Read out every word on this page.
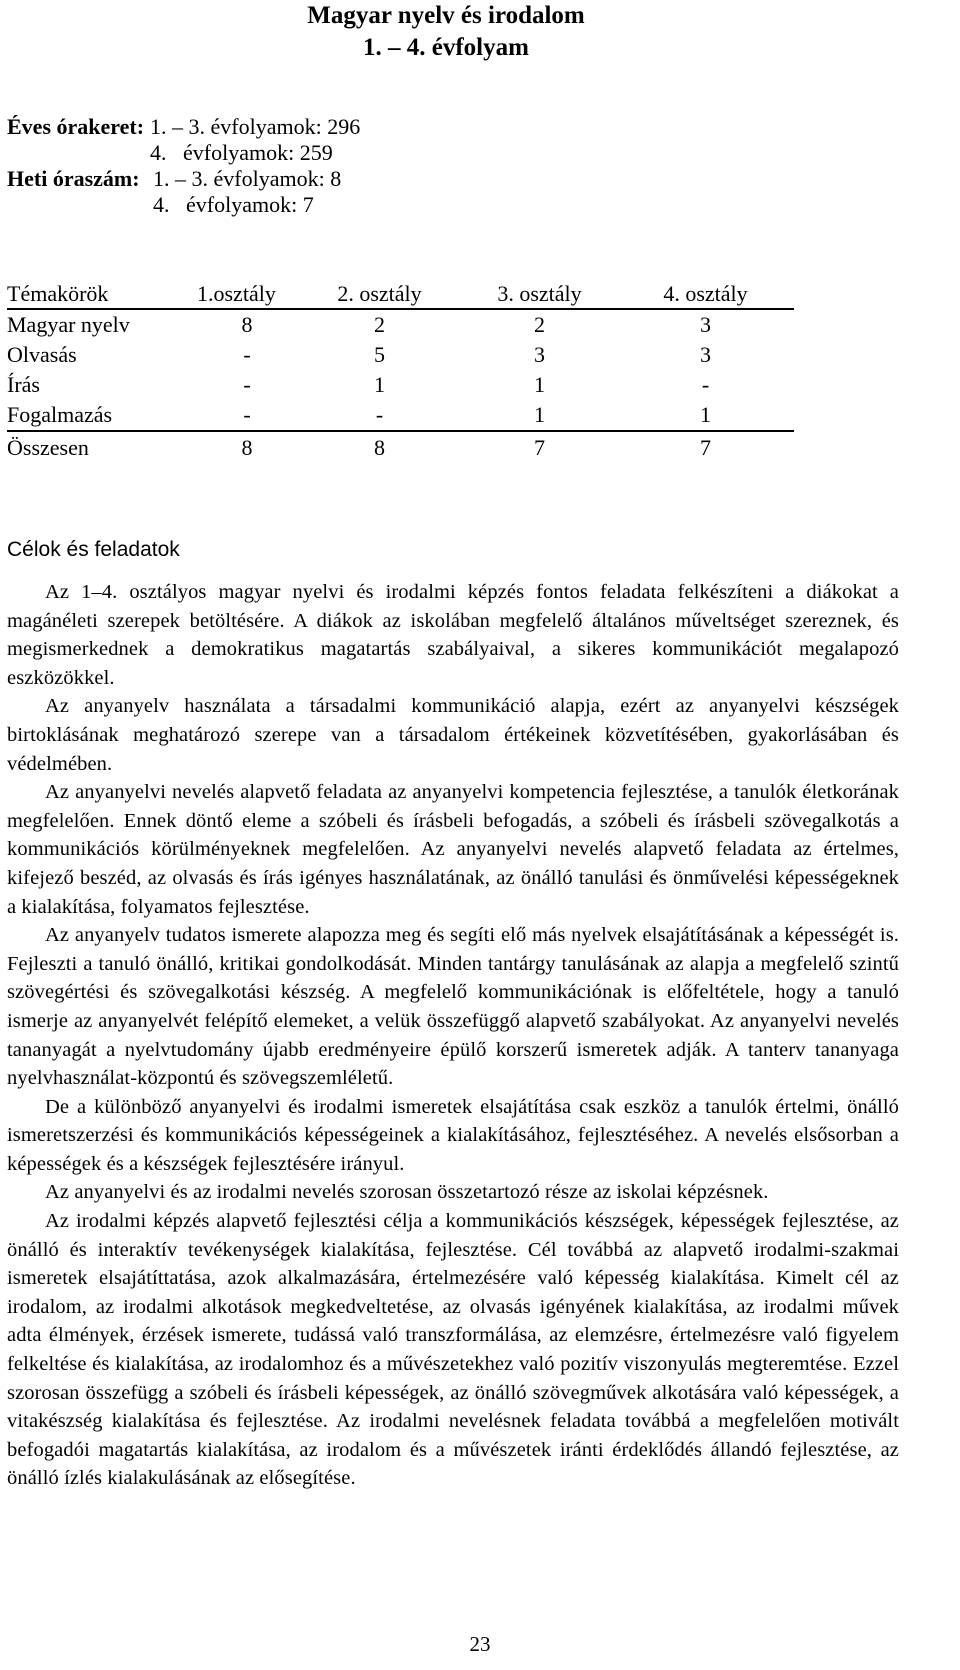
Magyar nyelv és irodalom
1. – 4. évfolyam
Éves órakeret: 1. – 3. évfolyamok: 296
4.   évfolyamok: 259
Heti óraszám: 1. – 3. évfolyamok: 8
4.   évfolyamok: 7
Témakörök	1.osztály	2. osztály	3. osztály	4. osztály
Magyar nyelv	8	2	2	3
Olvasás	-	5	3	3
Írás	-	1	1	-
Fogalmazás	-	-	1	1
Összesen	8	8	7	7
Célok és feladatok

Az 1–4. osztályos magyar nyelvi és irodalmi képzés fontos feladata felkészíteni a diákokat a magánéleti szerepek betöltésére. A diákok az iskolában megfelelő általános műveltséget szereznek, és megismerkednek a demokratikus magatartás szabályaival, a sikeres kommunikációt megalapozó eszközökkel.

Az anyanyelv használata a társadalmi kommunikáció alapja, ezért az anyanyelvi készségek birtoklásának meghatározó szerepe van a társadalom értékeinek közvetítésében, gyakorlásában és védelmében.

Az anyanyelvi nevelés alapvető feladata az anyanyelvi kompetencia fejlesztése, a tanulók életkorának megfelelően. Ennek döntő eleme a szóbeli és írásbeli befogadás, a szóbeli és írásbeli szövegalkotás a kommunikációs körülményeknek megfelelően. Az anyanyelvi nevelés alapvető feladata az értelmes, kifejező beszéd, az olvasás és írás igényes használatának, az önálló tanulási és önművelési képességeknek a kialakítása, folyamatos fejlesztése.

Az anyanyelv tudatos ismerete alapozza meg és segíti elő más nyelvek elsajátításának a képességét is. Fejleszti a tanuló önálló, kritikai gondolkodását. Minden tantárgy tanulásának az alapja a megfelelő szintű szövegértési és szövegalkotási készség. A megfelelő kommunikációnak is előfeltétele, hogy a tanuló ismerje az anyanyelvét felépítő elemeket, a velük összefüggő alapvető szabályokat. Az anyanyelvi nevelés tananyagát a nyelvtudomány újabb eredményeire épülő korszerű ismeretek adják. A tanterv tananyaga nyelvhasználat-központú és szövegszemléletű.

De a különböző anyanyelvi és irodalmi ismeretek elsajátítása csak eszköz a tanulók értelmi, önálló ismeretszerzési és kommunikációs képességeinek a kialakításához, fejlesztéséhez. A nevelés elsősorban a képességek és a készségek fejlesztésére irányul.

Az anyanyelvi és az irodalmi nevelés szorosan összetartozó része az iskolai képzésnek.

Az irodalmi képzés alapvető fejlesztési célja a kommunikációs készségek, képességek fejlesztése, az önálló és interaktív tevékenységek kialakítása, fejlesztése. Cél továbbá az alapvető irodalmi-szakmai ismeretek elsajátíttatása, azok alkalmazására, értelmezésére való képesség kialakítása. Kimelt cél az irodalom, az irodalmi alkotások megkedveltetése, az olvasás igényének kialakítása, az irodalmi művek adta élmények, érzések ismerete, tudássá való transzformálása, az elemzésre, értelmezésre való figyelem felkeltése és kialakítása, az irodalomhoz és a művészetekhez való pozitív viszonyulás megteremtése. Ezzel szorosan összefügg a szóbeli és írásbeli képességek, az önálló szövegművek alkotására való képességek, a vitakészség kialakítása és fejlesztése. Az irodalmi nevelésnek feladata továbbá a megfelelően motivált befogadói magatartás kialakítása, az irodalom és a művészetek iránti érdeklődés állandó fejlesztése, az önálló ízlés kialakulásának az elősegítése.

23
